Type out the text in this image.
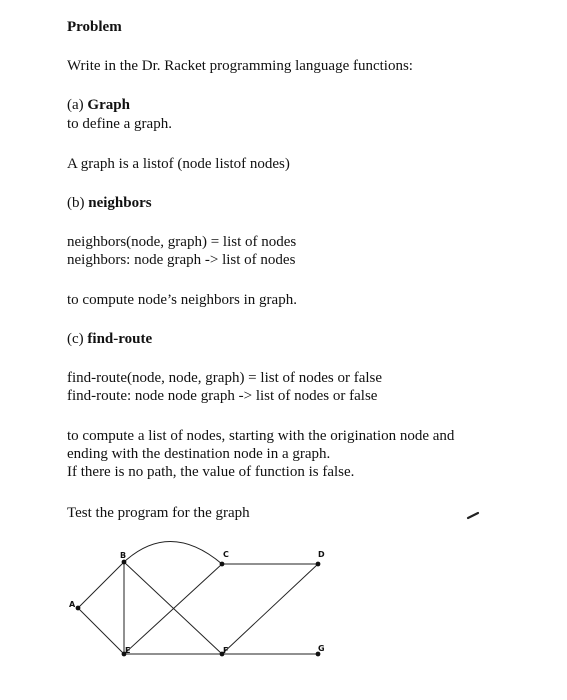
Problem
Write in the Dr. Racket programming language functions:
(a) Graph
to define a graph.
A graph is a listof (node listof nodes)
(b) neighbors
neighbors(node, graph) = list of nodes
neighbors: node graph -> list of nodes
to compute node’s neighbors in graph.
(c) find-route
find-route(node, node, graph) = list of nodes or false
find-route: node node graph -> list of nodes or false
to compute a list of nodes, starting with the origination node and
ending with the destination node in a graph.
If there is no path, the value of function is false.
Test the program for the graph
A
B	C	D
E	F	G
